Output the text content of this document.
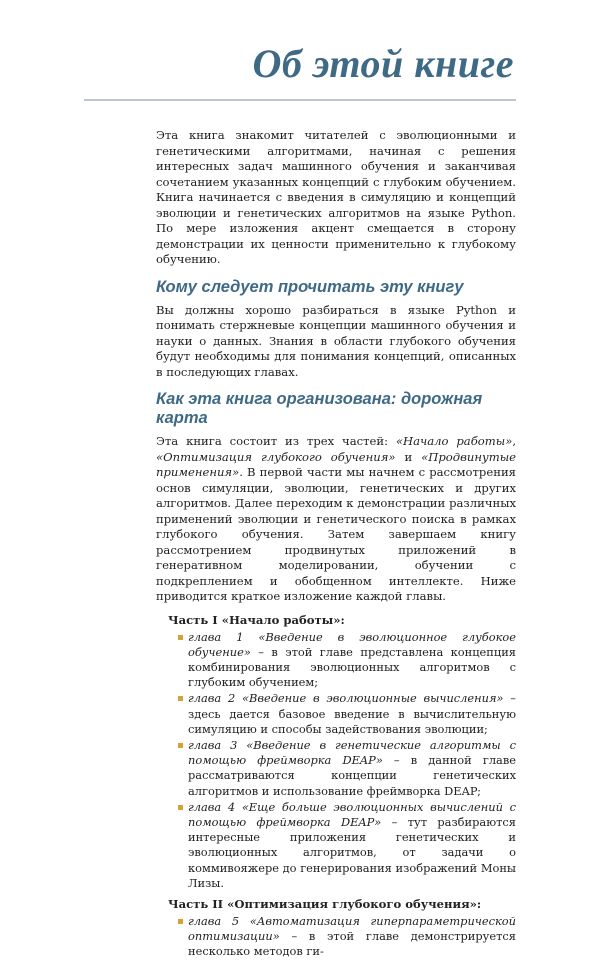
Об этой книге

Эта книга знакомит читателей с эволюционными и генетическими алгоритмами, начиная с решения интересных задач машинного обучения и заканчивая сочетанием указанных концепций с глубоким обучением. Книга начинается с введения в симуляцию и концепций эволюции и генетических алгоритмов на языке Python. По мере изложения акцент смещается в сторону демонстрации их ценности применительно к глубокому обучению.

Кому следует прочитать эту книгу

Вы должны хорошо разбираться в языке Python и понимать стержневые концепции машинного обучения и науки о данных. Знания в области глубокого обучения будут необходимы для понимания концепций, описанных в последующих главах.

Как эта книга организована: дорожная карта

Эта книга состоит из трех частей: «Начало работы», «Оптимизация глубокого обучения» и «Продвинутые применения». В первой части мы начнем с рассмотрения основ симуляции, эволюции, генетических и других алгоритмов. Далее переходим к демонстрации различных применений эволюции и генетического поиска в рамках глубокого обучения. Затем завершаем книгу рассмотрением продвинутых приложений в генеративном моделировании, обучении с подкреплением и обобщенном интеллекте. Ниже приводится краткое изложение каждой главы.

Часть I «Начало работы»:
глава 1 «Введение в эволюционное глубокое обучение» – в этой главе представлена концепция комбинирования эволюционных алгоритмов с глубоким обучением;
глава 2 «Введение в эволюционные вычисления» – здесь дается базовое введение в вычислительную симуляцию и способы задействования эволюции;
глава 3 «Введение в генетические алгоритмы с помощью фреймворка DEAP» – в данной главе рассматриваются концепции генетических алгоритмов и использование фреймворка DEAP;
глава 4 «Еще больше эволюционных вычислений с помощью фреймворка DEAP» – тут разбираются интересные приложения генетических и эволюционных алгоритмов, от задачи о коммивояжере до генерирования изображений Моны Лизы.
Часть II «Оптимизация глубокого обучения»:
глава 5 «Автоматизация гиперпараметрической оптимизации» – в этой главе демонстрируется несколько методов ги-
